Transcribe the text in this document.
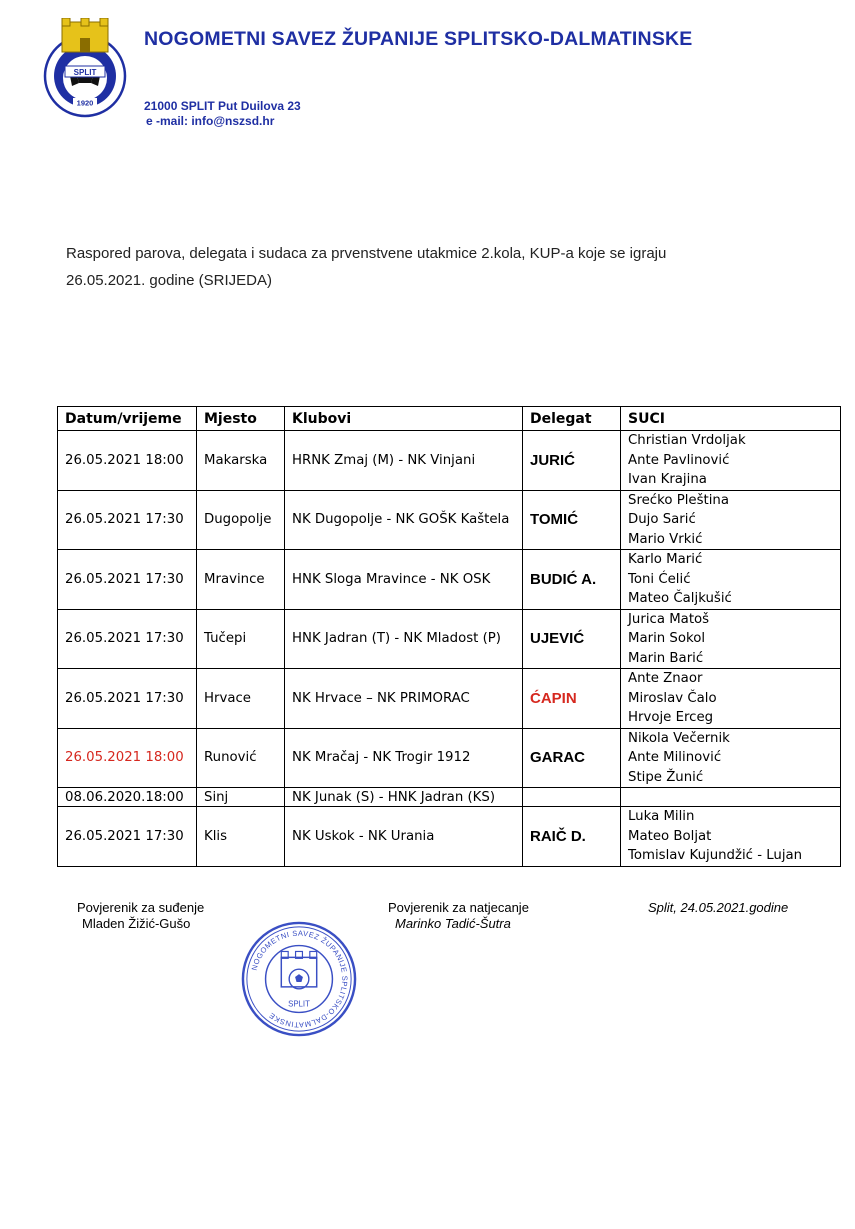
SPLIT
1920
NOGOMETNI SAVEZ ŽUPANIJE SPLITSKO-DALMATINSKE
21000 SPLIT Put Duilova 23
e -mail: info@nszsd.hr
Raspored parova, delegata i sudaca za prvenstvene utakmice 2.kola, KUP-a koje se igraju
26.05.2021. godine (SRIJEDA)
Datum/vrijeme	Mjesto	Klubovi	Delegat	SUCI
26.05.2021 18:00	Makarska	HRNK Zmaj (M) - NK Vinjani	JURIĆ	Christian Vrdoljak
Ante Pavlinović
Ivan Krajina

26.05.2021 17:30	Dugopolje	NK Dugopolje - NK GOŠK Kaštela	TOMIĆ	Srećko Pleština
Dujo Sarić
Mario Vrkić

26.05.2021 17:30	Mravince	HNK Sloga Mravince - NK OSK	BUDIĆ A.	Karlo Marić
Toni Ćelić
Mateo Čaljkušić

26.05.2021 17:30	Tučepi	HNK Jadran (T) - NK Mladost (P)	UJEVIĆ	Jurica Matoš
Marin Sokol
Marin Barić

26.05.2021 17:30	Hrvace	NK Hrvace – NK PRIMORAC	ĆAPIN	Ante Znaor
Miroslav Čalo
Hrvoje Erceg

26.05.2021 18:00	Runović	NK Mračaj - NK Trogir 1912	GARAC	Nikola Večernik
Ante Milinović
Stipe Žunić

08.06.2020.18:00	Sinj	NK Junak (S) - HNK Jadran (KS)		
26.05.2021 17:30	Klis	NK Uskok - NK Urania	RAIČ D.	Luka Milin
Mateo Boljat
Tomislav Kujundžić - Lujan
Povjerenik za suđenje
Mladen Žižić-Gušo
Povjerenik za natjecanje
Marinko Tadić-Šutra
Split, 24.05.2021.godine
NOGOMETNI SAVEZ ŽUPANIJE SPLITSKO-DALMATINSKE
SPLIT
